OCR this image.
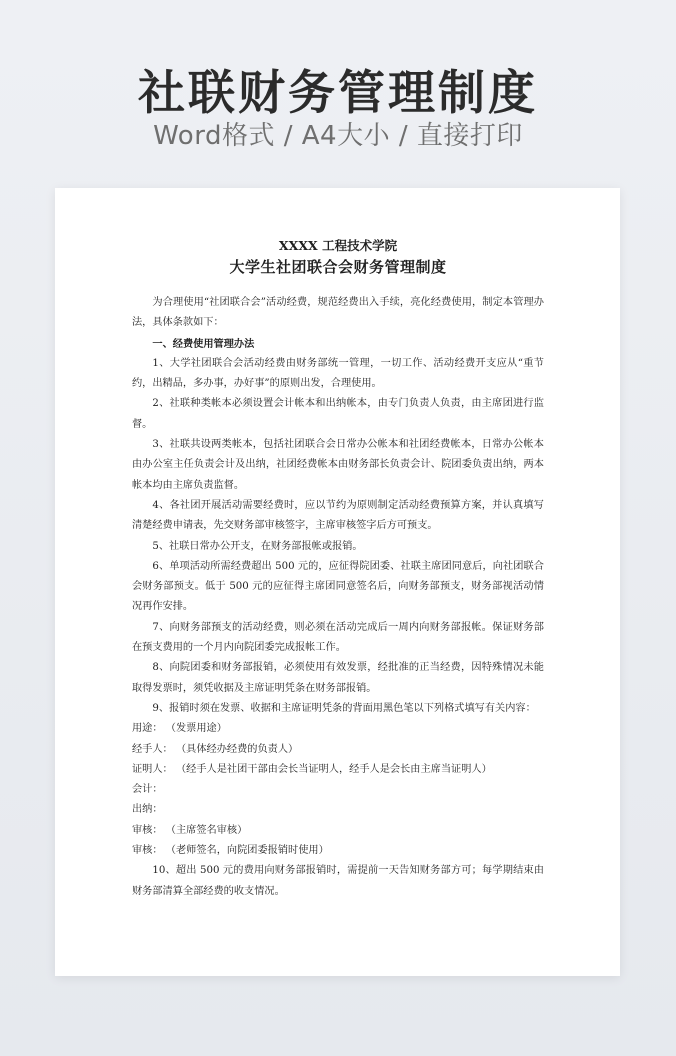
社联财务管理制度
Word格式 / A4大小 / 直接打印
XXXX 工程技术学院
大学生社团联合会财务管理制度

为合理使用“社团联合会”活动经费，规范经费出入手续，亮化经费使用，制定本管理办法，具体条款如下：

一、经费使用管理办法

1、大学社团联合会活动经费由财务部统一管理，一切工作、活动经费开支应从“重节约，出精品，多办事，办好事”的原则出发，合理使用。

2、社联种类帐本必须设置会计帐本和出纳帐本，由专门负责人负责，由主席团进行监督。

3、社联共设两类帐本，包括社团联合会日常办公帐本和社团经费帐本，日常办公帐本由办公室主任负责会计及出纳，社团经费帐本由财务部长负责会计、院团委负责出纳，两本帐本均由主席负责监督。

4、各社团开展活动需要经费时，应以节约为原则制定活动经费预算方案，并认真填写清楚经费申请表，先交财务部审核签字，主席审核签字后方可预支。

5、社联日常办公开支，在财务部报帐或报销。

6、单项活动所需经费超出 500 元的，应征得院团委、社联主席团同意后，向社团联合会财务部预支。低于 500 元的应征得主席团同意签名后，向财务部预支，财务部视活动情况再作安排。

7、向财务部预支的活动经费，则必须在活动完成后一周内向财务部报帐。保证财务部在预支费用的一个月内向院团委完成报帐工作。

8、向院团委和财务部报销，必须使用有效发票，经批准的正当经费，因特殊情况未能取得发票时，须凭收据及主席证明凭条在财务部报销。

9、报销时须在发票、收据和主席证明凭条的背面用黑色笔以下列格式填写有关内容：

用途： （发票用途）

经手人： （具体经办经费的负责人）

证明人： （经手人是社团干部由会长当证明人，经手人是会长由主席当证明人）

会计：

出纳：

审核： （主席签名审核）

审核： （老师签名，向院团委报销时使用）

10、超出 500 元的费用向财务部报销时，需提前一天告知财务部方可；每学期结束由财务部清算全部经费的收支情况。
